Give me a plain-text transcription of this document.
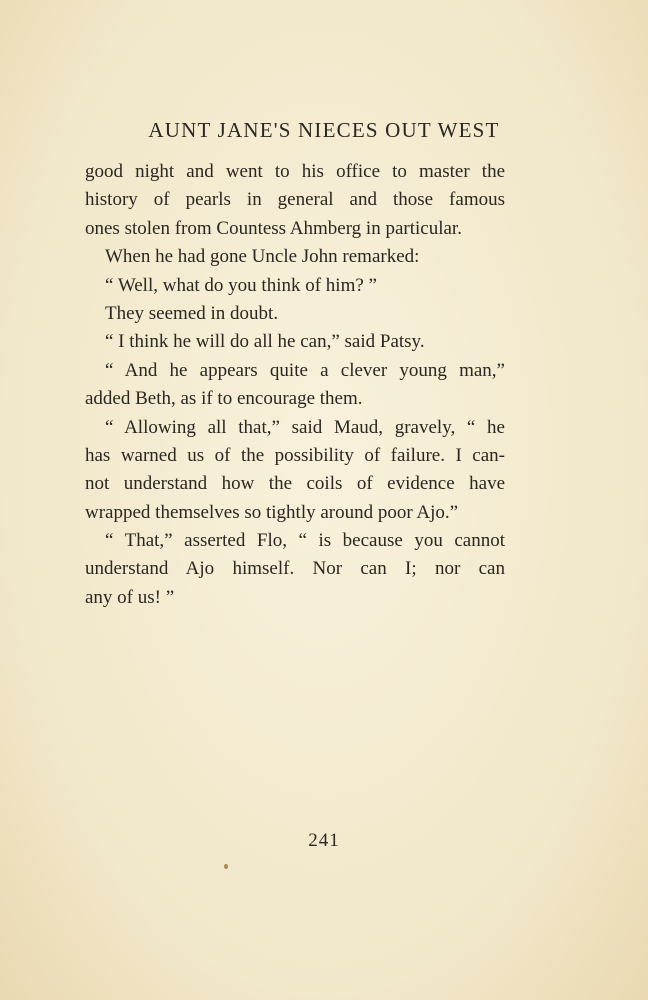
AUNT JANE'S NIECES OUT WEST
good night and went to his office to master the
history of pearls in general and those famous
ones stolen from Countess Ahmberg in particular.
When he had gone Uncle John remarked:
“ Well, what do you think of him? ”
They seemed in doubt.
“ I think he will do all he can,” said Patsy.
“ And he appears quite a clever young man,”
added Beth, as if to encourage them.
“ Allowing all that,” said Maud, gravely, “ he
has warned us of the possibility of failure. I can-
not understand how the coils of evidence have
wrapped themselves so tightly around poor Ajo.”
“ That,” asserted Flo, “ is because you cannot
understand Ajo himself. Nor can I; nor can
any of us! ”
241
